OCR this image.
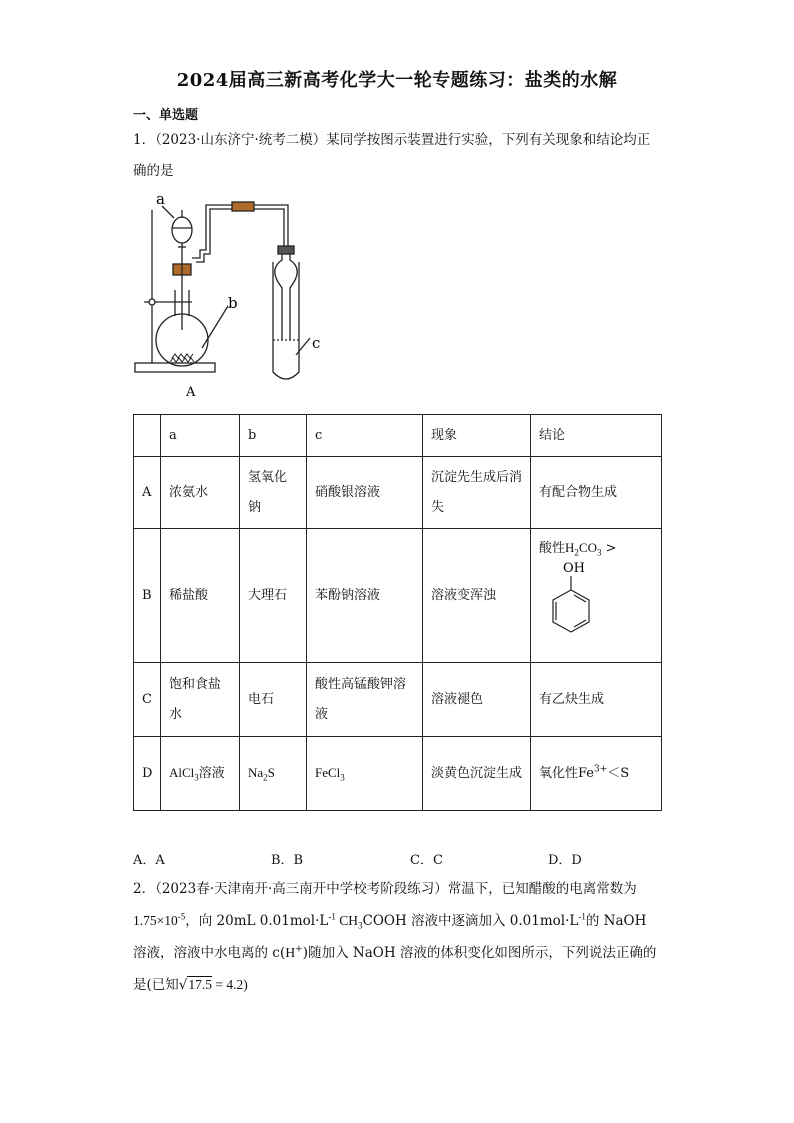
2024届高三新高考化学大一轮专题练习：盐类的水解
一、单选题
1．（2023·山东济宁·统考二模）某同学按图示装置进行实验，下列有关现象和结论均正确的是
a
b
c
A
	a	b	c	现象	结论
A	浓氨水	氢氧化钠	硝酸银溶液	沉淀先生成后消失	有配合物生成
B	稀盐酸	大理石	苯酚钠溶液	溶液变浑浊	酸性$H_2CO_3$ >
OH

C	饱和食盐水	电石	酸性高锰酸钾溶液	溶液褪色	有乙炔生成
D	AlCl$_3$溶液	$Na_2S$	FeCl$_3$	淡黄色沉淀生成	氧化性$Fe^{3+}<S$
A．A	B．B	C．C	D．D
2．（2023春·天津南开·高三南开中学校考阶段练习）常温下，已知醋酸的电离常数为$1.75\times 10^{-5}$，向 20mL $0.01mol\cdot L^{-1}$ $CH_3COOH$ 溶液中逐滴加入 $0.01mol\cdot L^{-1}$的 NaOH 溶液，溶液中水电离的 c(H+)随加入 NaOH 溶液的体积变化如图所示，下列说法正确的是(已知√17.5 = 4.2)
